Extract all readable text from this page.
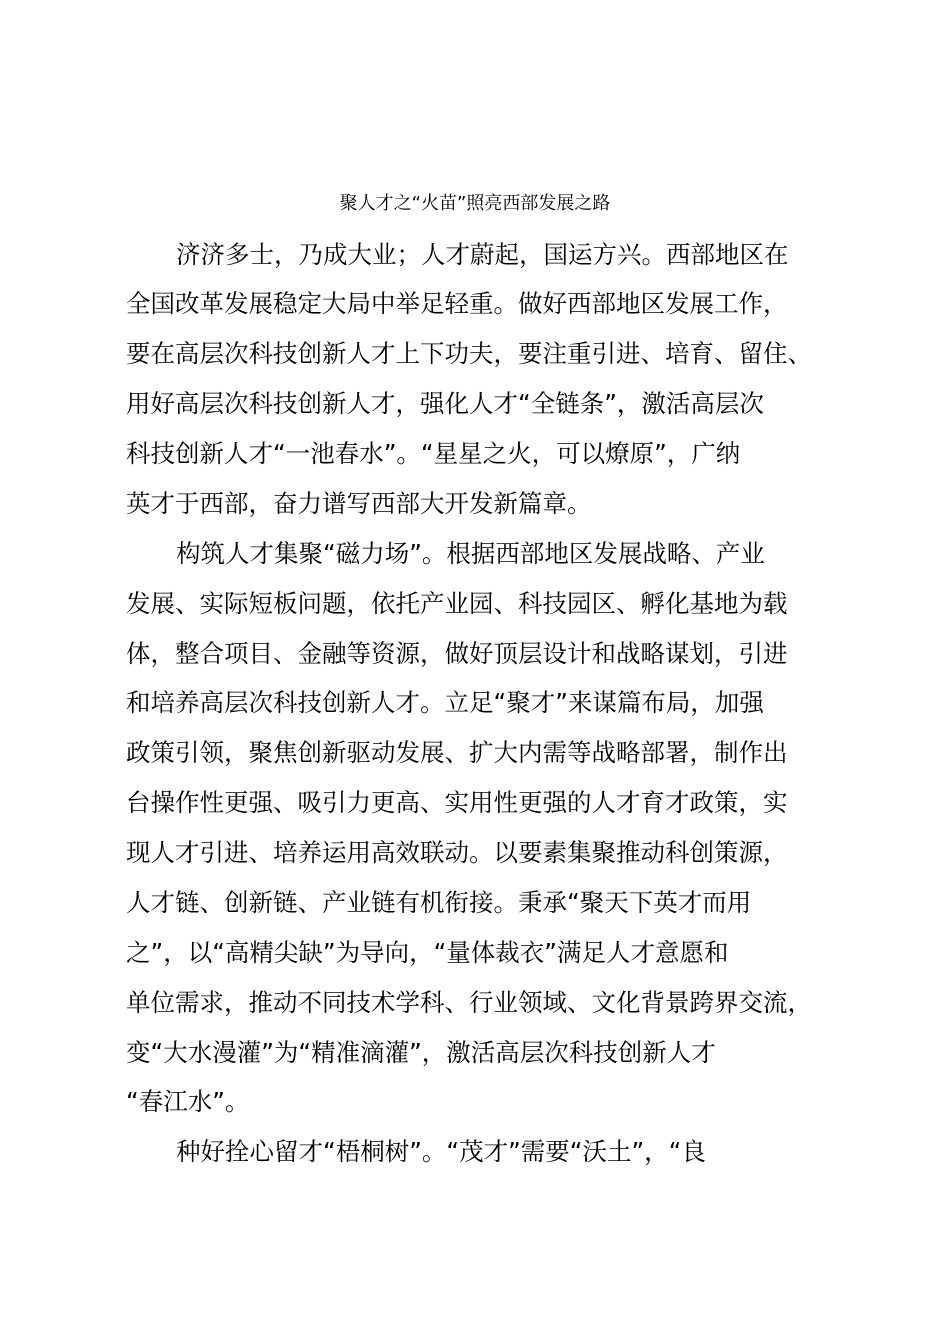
聚人才之“火苗”照亮西部发展之路

济济多士，乃成大业；人才蔚起，国运方兴。西部地区在

全国改革发展稳定大局中举足轻重。做好西部地区发展工作，

要在高层次科技创新人才上下功夫，要注重引进、培育、留住、

用好高层次科技创新人才，强化人才“全链条”，激活高层次

科技创新人才“一池春水”。“星星之火，可以燎原”，广纳

英才于西部，奋力谱写西部大开发新篇章。

构筑人才集聚“磁力场”。根据西部地区发展战略、产业

发展、实际短板问题，依托产业园、科技园区、孵化基地为载

体，整合项目、金融等资源，做好顶层设计和战略谋划，引进

和培养高层次科技创新人才。立足“聚才”来谋篇布局，加强

政策引领，聚焦创新驱动发展、扩大内需等战略部署，制作出

台操作性更强、吸引力更高、实用性更强的人才育才政策，实

现人才引进、培养运用高效联动。以要素集聚推动科创策源，

人才链、创新链、产业链有机衔接。秉承“聚天下英才而用

之”，以“高精尖缺”为导向，“量体裁衣”满足人才意愿和

单位需求，推动不同技术学科、行业领域、文化背景跨界交流，

变“大水漫灌”为“精准滴灌”，激活高层次科技创新人才

“春江水”。

种好拴心留才“梧桐树”。“茂才”需要“沃土”，“良
